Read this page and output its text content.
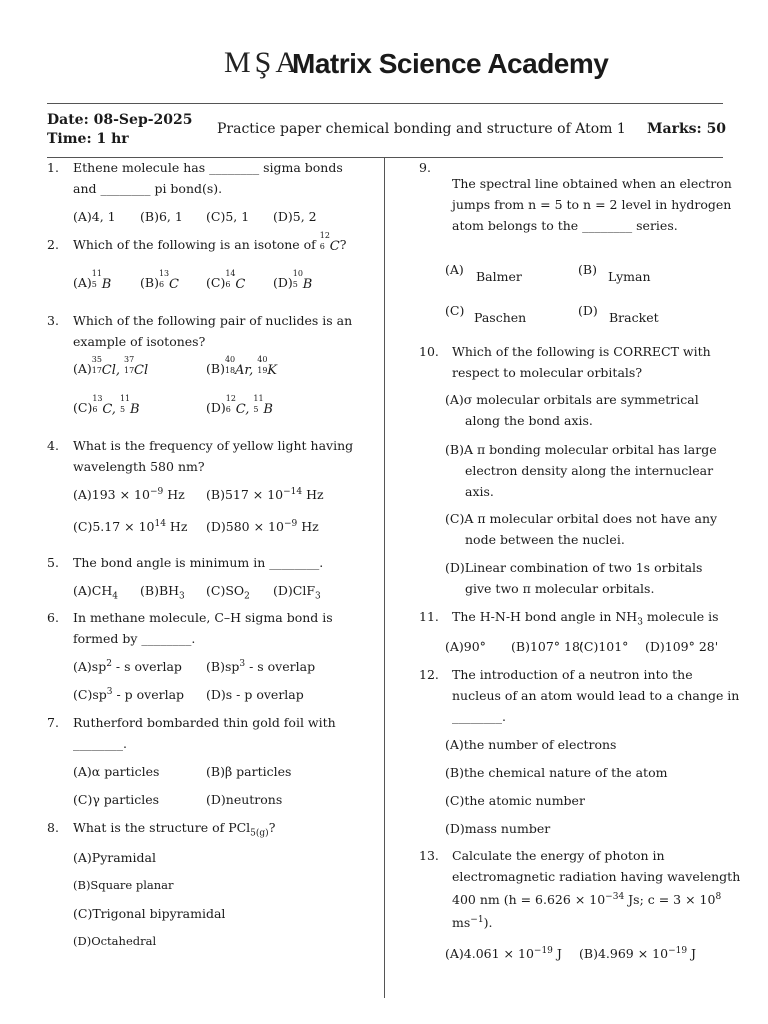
MŞA
Matrix Science Academy
Date: 08-Sep-2025
Time: 1 hr
Practice paper chemical bonding and structure of Atom 1 Marks: 50
1. Ethene molecule has ________ sigma bonds
and ________ pi bond(s).
(A)4, 1 (B)6, 1 (C)5, 1 (D)5, 2
2. Which of the following is an isotone of
12
6 C?
(A)
11
5 B (B)
13
6 C (C)
14
6 C (D)
10
5 B
3. Which of the following pair of nuclides is an
example of isotones?
(A)
35
17 Cl,
37
17 Cl	(B)
40
18 Ar,
40
19 K
(C)
13
6 C,
11
5 B	(D)
12
6 C,
11
5 B
4. What is the frequency of yellow light having
wavelength 580 nm?
$(A)193 \times 10^{-9}$ Hz $(B)517 \times 10^{-14}$ Hz
$(C)5.17 \times 10^{14}$ Hz $(D)580 \times 10^{-9}$ Hz
5. The bond angle is minimum in ________.
$(A)CH_4$ $(B)BH_3$ $(C)SO_2$ (D)ClF$_3$
6. In methane molecule, C–H sigma bond is
formed by ________.
$(A)sp^2$ - s overlap $(B)sp^3$ - s overlap
$(C)sp^3$ - p overlap (D)s - p overlap
7. Rutherford bombarded thin gold foil with
________.
(A)α particles	(B)β particles
(C)γ particles	(D)neutrons
8. What is the structure of PCl$_{5(g)}$?
(A)Pyramidal
(B)Square planar
(C)Trigonal bipyramidal
(D)Octahedral
9.
The spectral line obtained when an electron
jumps from n = 5 to n = 2 level in hydrogen
atom belongs to the ________ series.
(A) Balmer	(B) Lyman
(C) Paschen	(D) Bracket
10. Which of the following is CORRECT with
respect to molecular orbitals?
(A)σ molecular orbitals are symmetrical
along the bond axis.
(B)A π bonding molecular orbital has large
electron density along the internuclear
axis.
(C)A π molecular orbital does not have any
node between the nuclei.
(D)Linear combination of two 1s orbitals
give two π molecular orbitals.
11. The H-N-H bond angle in $NH_3$ molecule is
(A)90° (B)107° 18'
(C)101° (D)109° 28'
12. The introduction of a neutron into the
nucleus of an atom would lead to a change in
________.
(A)the number of electrons
(B)the chemical nature of the atom
(C)the atomic number
(D)mass number
13. Calculate the energy of photon in
electromagnetic radiation having wavelength
400 nm ($h = 6.626 \times 10^{-34}$ Js; $c = 3 \times 10^8$
$ms^{-1}$).
$(A)4.061 \times 10^{-19}$ J $(B)4.969 \times 10^{-19}$ J
